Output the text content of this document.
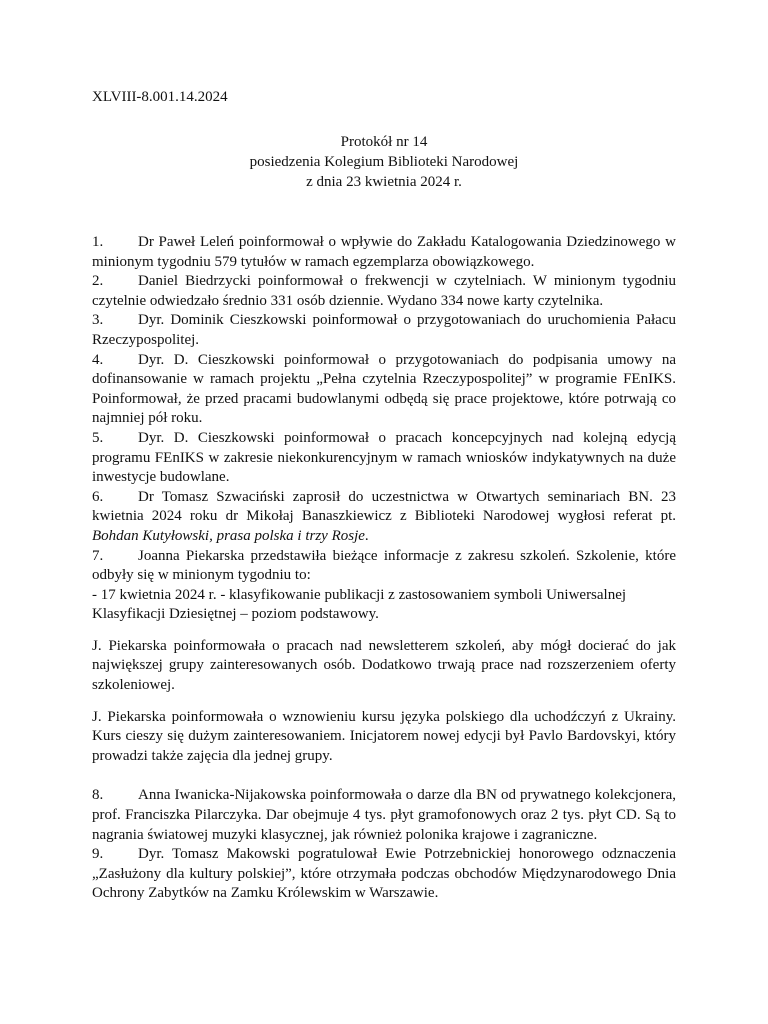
XLVIII-8.001.14.2024
Protokół nr 14
posiedzenia Kolegium Biblioteki Narodowej
z dnia 23 kwietnia 2024 r.

1. Dr Paweł Leleń poinformował o wpływie do Zakładu Katalogowania Dziedzinowego w minionym tygodniu 579 tytułów w ramach egzemplarza obowiązkowego.

2. Daniel Biedrzycki poinformował o frekwencji w czytelniach. W minionym tygodniu czytelnie odwiedzało średnio 331 osób dziennie. Wydano 334 nowe karty czytelnika.

3. Dyr. Dominik Cieszkowski poinformował o przygotowaniach do uruchomienia Pałacu Rzeczypospolitej.

4. Dyr. D. Cieszkowski poinformował o przygotowaniach do podpisania umowy na dofinansowanie w ramach projektu „Pełna czytelnia Rzeczypospolitej” w programie FEnIKS. Poinformował, że przed pracami budowlanymi odbędą się prace projektowe, które potrwają co najmniej pół roku.

5. Dyr. D. Cieszkowski poinformował o pracach koncepcyjnych nad kolejną edycją programu FEnIKS w zakresie niekonkurencyjnym w ramach wniosków indykatywnych na duże inwestycje budowlane.

6. Dr Tomasz Szwaciński zaprosił do uczestnictwa w Otwartych seminariach BN. 23 kwietnia 2024 roku dr Mikołaj Banaszkiewicz z Biblioteki Narodowej wygłosi referat pt. Bohdan Kutyłowski, prasa polska i trzy Rosje.

7. Joanna Piekarska przedstawiła bieżące informacje z zakresu szkoleń. Szkolenie, które odbyły się w minionym tygodniu to:

- 17 kwietnia 2024 r. - klasyfikowanie publikacji z zastosowaniem symboli Uniwersalnej Klasyfikacji Dziesiętnej – poziom podstawowy.

J. Piekarska poinformowała o pracach nad newsletterem szkoleń, aby mógł docierać do jak największej grupy zainteresowanych osób. Dodatkowo trwają prace nad rozszerzeniem oferty szkoleniowej.

J. Piekarska poinformowała o wznowieniu kursu języka polskiego dla uchodźczyń z Ukrainy. Kurs cieszy się dużym zainteresowaniem. Inicjatorem nowej edycji był Pavlo Bardovskyi, który prowadzi także zajęcia dla jednej grupy.

8. Anna Iwanicka-Nijakowska poinformowała o darze dla BN od prywatnego kolekcjonera, prof. Franciszka Pilarczyka. Dar obejmuje 4 tys. płyt gramofonowych oraz 2 tys. płyt CD. Są to nagrania światowej muzyki klasycznej, jak również polonika krajowe i zagraniczne.

9. Dyr. Tomasz Makowski pogratulował Ewie Potrzebnickiej honorowego odznaczenia „Zasłużony dla kultury polskiej”, które otrzymała podczas obchodów Międzynarodowego Dnia Ochrony Zabytków na Zamku Królewskim w Warszawie.
